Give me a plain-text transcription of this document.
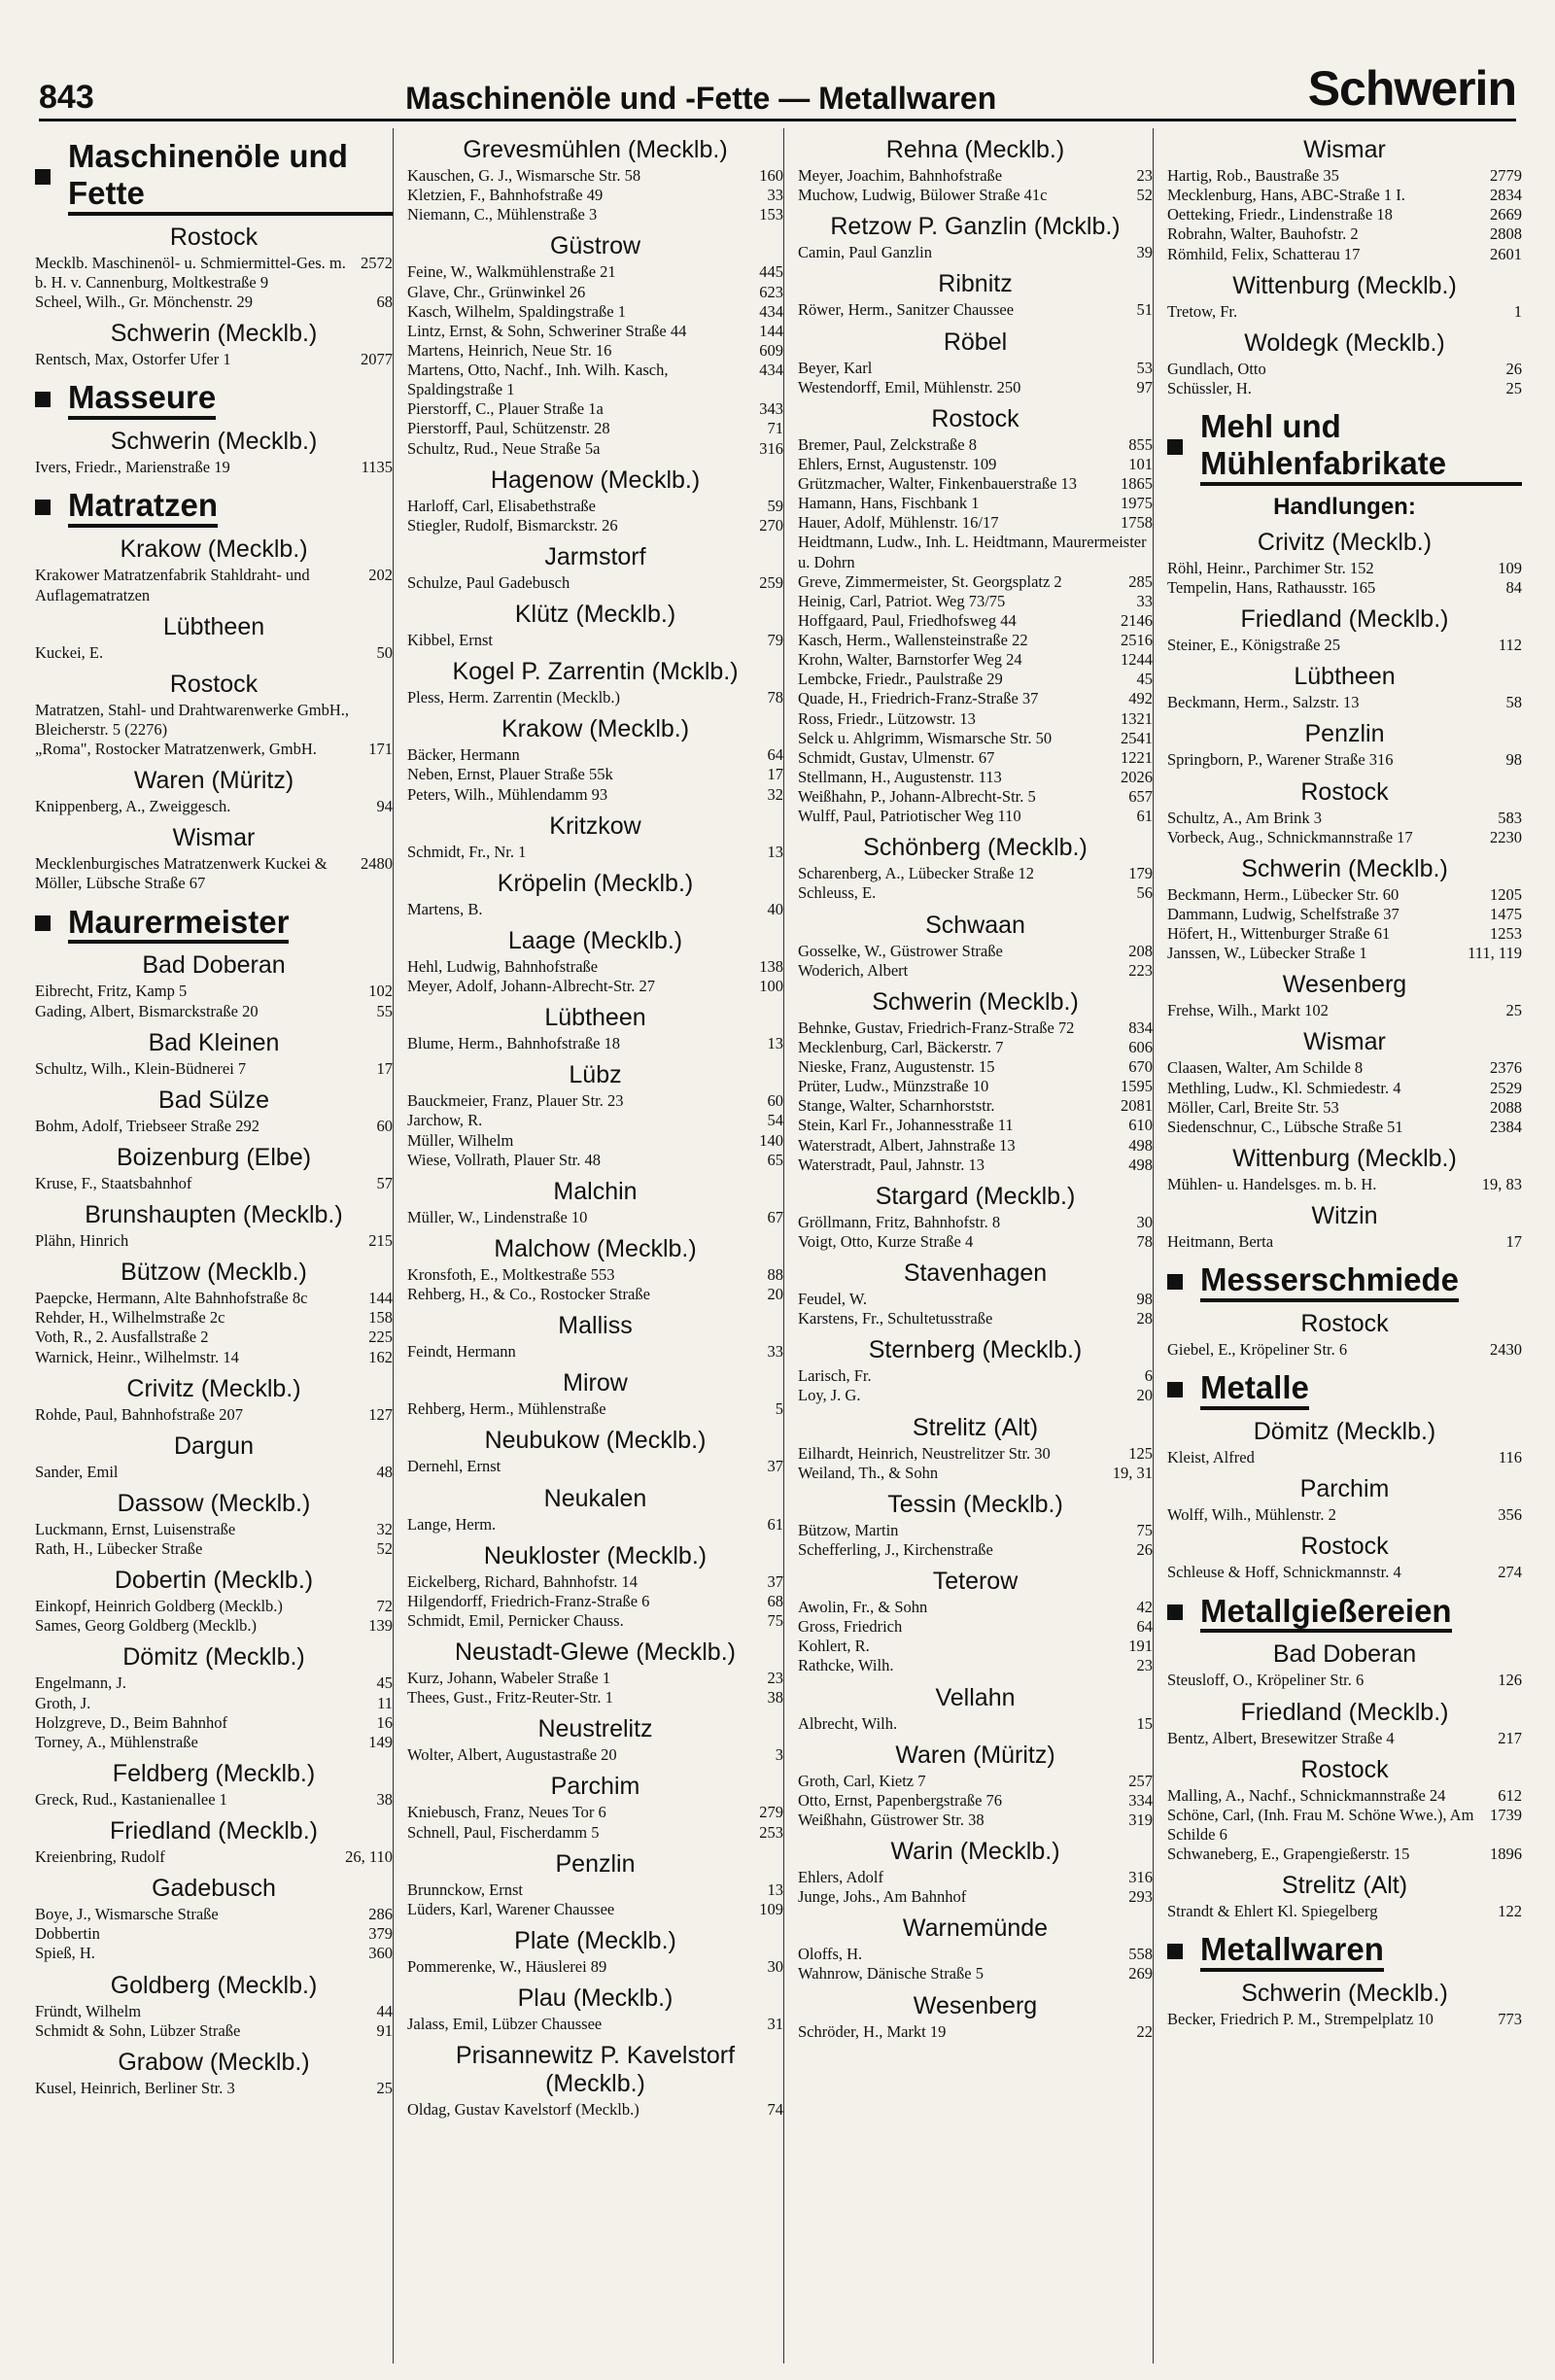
843	Maschinenöle und -Fette — Metallwaren	Schwerin
Maschinenöle und Fette
Rostock
Mecklb. Maschinenöl- u. Schmiermittel-Ges. m. b. H. v. Cannenburg, Moltkestraße 9
2572
Scheel, Wilh., Gr. Mönchenstr. 29	68
Schwerin (Mecklb.)
Rentsch, Max, Ostorfer Ufer 1	2077
Masseure
Schwerin (Mecklb.)
Ivers, Friedr., Marienstraße 19	1135
Matratzen
Krakow (Mecklb.)
Krakower Matratzenfabrik Stahldraht- und Auflagematratzen
202
Lübtheen
Kuckei, E.	50
Rostock
Matratzen, Stahl- und Drahtwarenwerke GmbH., Bleicherstr. 5 (2276)
„Roma", Rostocker Matratzenwerk, GmbH.	171
Waren (Müritz)
Knippenberg, A., Zweiggesch.	94
Wismar
Mecklenburgisches Matratzenwerk Kuckei & Möller, Lübsche Straße 67
2480
Maurermeister
Bad Doberan
Eibrecht, Fritz, Kamp 5	102
Gading, Albert, Bismarckstraße 20	55
Bad Kleinen
Schultz, Wilh., Klein-Büdnerei 7	17
Bad Sülze
Bohm, Adolf, Triebseer Straße 292	60
Boizenburg (Elbe)
Kruse, F., Staatsbahnhof	57
Brunshaupten (Mecklb.)
Plähn, Hinrich	215
Bützow (Mecklb.)
Paepcke, Hermann, Alte Bahnhofstraße 8c	144
Rehder, H., Wilhelmstraße 2c	158
Voth, R., 2. Ausfallstraße 2	225
Warnick, Heinr., Wilhelmstr. 14	162
Crivitz (Mecklb.)
Rohde, Paul, Bahnhofstraße 207	127
Dargun
Sander, Emil	48
Dassow (Mecklb.)
Luckmann, Ernst, Luisenstraße	32
Rath, H., Lübecker Straße	52
Dobertin (Mecklb.)
Einkopf, Heinrich Goldberg (Mecklb.)	72
Sames, Georg Goldberg (Mecklb.)	139
Dömitz (Mecklb.)
Engelmann, J.	45
Groth, J.	11
Holzgreve, D., Beim Bahnhof	16
Torney, A., Mühlenstraße	149
Feldberg (Mecklb.)
Greck, Rud., Kastanienallee 1	38
Friedland (Mecklb.)
Kreienbring, Rudolf	26, 110
Gadebusch
Boye, J., Wismarsche Straße	286
Dobbertin	379
Spieß, H.	360
Goldberg (Mecklb.)
Fründt, Wilhelm	44
Schmidt & Sohn, Lübzer Straße	91
Grabow (Mecklb.)
Kusel, Heinrich, Berliner Str. 3	25
Grevesmühlen (Mecklb.)
Kauschen, G. J., Wismarsche Str. 58	160
Kletzien, F., Bahnhofstraße 49	33
Niemann, C., Mühlenstraße 3	153
Güstrow
Feine, W., Walkmühlenstraße 21	445
Glave, Chr., Grünwinkel 26	623
Kasch, Wilhelm, Spaldingstraße 1	434
Lintz, Ernst, & Sohn, Schweriner Straße 44	144
Martens, Heinrich, Neue Str. 16	609
Martens, Otto, Nachf., Inh. Wilh. Kasch, Spaldingstraße 1
434
Pierstorff, C., Plauer Straße 1a	343
Pierstorff, Paul, Schützenstr. 28	71
Schultz, Rud., Neue Straße 5a	316
Hagenow (Mecklb.)
Harloff, Carl, Elisabethstraße	59
Stiegler, Rudolf, Bismarckstr. 26	270
Jarmstorf
Schulze, Paul Gadebusch	259
Klütz (Mecklb.)
Kibbel, Ernst	79
Kogel P. Zarrentin (Mcklb.)
Pless, Herm. Zarrentin (Mecklb.)	78
Krakow (Mecklb.)
Bäcker, Hermann	64
Neben, Ernst, Plauer Straße 55k	17
Peters, Wilh., Mühlendamm 93	32
Kritzkow
Schmidt, Fr., Nr. 1	13
Kröpelin (Mecklb.)
Martens, B.	40
Laage (Mecklb.)
Hehl, Ludwig, Bahnhofstraße	138
Meyer, Adolf, Johann-Albrecht-Str. 27	100
Lübtheen
Blume, Herm., Bahnhofstraße 18	13
Lübz
Bauckmeier, Franz, Plauer Str. 23	60
Jarchow, R.	54
Müller, Wilhelm	140
Wiese, Vollrath, Plauer Str. 48	65
Malchin
Müller, W., Lindenstraße 10	67
Malchow (Mecklb.)
Kronsfoth, E., Moltkestraße 553	88
Rehberg, H., & Co., Rostocker Straße	20
Malliss
Feindt, Hermann	33
Mirow
Rehberg, Herm., Mühlenstraße	5
Neubukow (Mecklb.)
Dernehl, Ernst	37
Neukalen
Lange, Herm.	61
Neukloster (Mecklb.)
Eickelberg, Richard, Bahnhofstr. 14	37
Hilgendorff, Friedrich-Franz-Straße 6	68
Schmidt, Emil, Pernicker Chauss.	75
Neustadt-Glewe (Mecklb.)
Kurz, Johann, Wabeler Straße 1	23
Thees, Gust., Fritz-Reuter-Str. 1	38
Neustrelitz
Wolter, Albert, Augustastraße 20	3
Parchim
Kniebusch, Franz, Neues Tor 6	279
Schnell, Paul, Fischerdamm 5	253
Penzlin
Brunnckow, Ernst	13
Lüders, Karl, Warener Chaussee	109
Plate (Mecklb.)
Pommerenke, W., Häuslerei 89	30
Plau (Mecklb.)
Jalass, Emil, Lübzer Chaussee	31
Prisannewitz P. Kavelstorf (Mecklb.)
Oldag, Gustav Kavelstorf (Mecklb.)	74
Rehna (Mecklb.)
Meyer, Joachim, Bahnhofstraße	23
Muchow, Ludwig, Bülower Straße 41c	52
Retzow P. Ganzlin (Mcklb.)
Camin, Paul Ganzlin	39
Ribnitz
Röwer, Herm., Sanitzer Chaussee	51
Röbel
Beyer, Karl	53
Westendorff, Emil, Mühlenstr. 250	97
Rostock
Bremer, Paul, Zelckstraße 8	855
Ehlers, Ernst, Augustenstr. 109	101
Grützmacher, Walter, Finkenbauerstraße 13	1865
Hamann, Hans, Fischbank 1	1975
Hauer, Adolf, Mühlenstr. 16/17	1758
Heidtmann, Ludw., Inh. L. Heidtmann, Maurermeister u. Dohrn
Greve, Zimmermeister, St. Georgsplatz 2	285
Heinig, Carl, Patriot. Weg 73/75	33
Hoffgaard, Paul, Friedhofsweg 44	2146
Kasch, Herm., Wallensteinstraße 22	2516
Krohn, Walter, Barnstorfer Weg 24	1244
Lembcke, Friedr., Paulstraße 29	45
Quade, H., Friedrich-Franz-Straße 37	492
Ross, Friedr., Lützowstr. 13	1321
Selck u. Ahlgrimm, Wismarsche Str. 50	2541
Schmidt, Gustav, Ulmenstr. 67	1221
Stellmann, H., Augustenstr. 113	2026
Weißhahn, P., Johann-Albrecht-Str. 5	657
Wulff, Paul, Patriotischer Weg 110	61
Schönberg (Mecklb.)
Scharenberg, A., Lübecker Straße 12	179
Schleuss, E.	56
Schwaan
Gosselke, W., Güstrower Straße	208
Woderich, Albert	223
Schwerin (Mecklb.)
Behnke, Gustav, Friedrich-Franz-Straße 72	834
Mecklenburg, Carl, Bäckerstr. 7	606
Nieske, Franz, Augustenstr. 15	670
Prüter, Ludw., Münzstraße 10	1595
Stange, Walter, Scharnhorststr.	2081
Stein, Karl Fr., Johannesstraße 11	610
Waterstradt, Albert, Jahnstraße 13	498
Waterstradt, Paul, Jahnstr. 13	498
Stargard (Mecklb.)
Gröllmann, Fritz, Bahnhofstr. 8	30
Voigt, Otto, Kurze Straße 4	78
Stavenhagen
Feudel, W.	98
Karstens, Fr., Schultetusstraße	28
Sternberg (Mecklb.)
Larisch, Fr.	6
Loy, J. G.	20
Strelitz (Alt)
Eilhardt, Heinrich, Neustrelitzer Str. 30	125
Weiland, Th., & Sohn	19, 31
Tessin (Mecklb.)
Bützow, Martin	75
Schefferling, J., Kirchenstraße	26
Teterow
Awolin, Fr., & Sohn	42
Gross, Friedrich	64
Kohlert, R.	191
Rathcke, Wilh.	23
Vellahn
Albrecht, Wilh.	15
Waren (Müritz)
Groth, Carl, Kietz 7	257
Otto, Ernst, Papenbergstraße 76	334
Weißhahn, Güstrower Str. 38	319
Warin (Mecklb.)
Ehlers, Adolf	316
Junge, Johs., Am Bahnhof	293
Warnemünde
Oloffs, H.	558
Wahnrow, Dänische Straße 5	269
Wesenberg
Schröder, H., Markt 19	22
Wismar
Hartig, Rob., Baustraße 35	2779
Mecklenburg, Hans, ABC-Straße 1 I.	2834
Oetteking, Friedr., Lindenstraße 18	2669
Robrahn, Walter, Bauhofstr. 2	2808
Römhild, Felix, Schatterau 17	2601
Wittenburg (Mecklb.)
Tretow, Fr.	1
Woldegk (Mecklb.)
Gundlach, Otto	26
Schüssler, H.	25
Mehl und Mühlenfabrikate
Handlungen:
Crivitz (Mecklb.)
Röhl, Heinr., Parchimer Str. 152	109
Tempelin, Hans, Rathausstr. 165	84
Friedland (Mecklb.)
Steiner, E., Königstraße 25	112
Lübtheen
Beckmann, Herm., Salzstr. 13	58
Penzlin
Springborn, P., Warener Straße 316	98
Rostock
Schultz, A., Am Brink 3	583
Vorbeck, Aug., Schnickmannstraße 17	2230
Schwerin (Mecklb.)
Beckmann, Herm., Lübecker Str. 60	1205
Dammann, Ludwig, Schelfstraße 37	1475
Höfert, H., Wittenburger Straße 61	1253
Janssen, W., Lübecker Straße 1	111, 119
Wesenberg
Frehse, Wilh., Markt 102	25
Wismar
Claasen, Walter, Am Schilde 8	2376
Methling, Ludw., Kl. Schmiedestr. 4	2529
Möller, Carl, Breite Str. 53	2088
Siedenschnur, C., Lübsche Straße 51	2384
Wittenburg (Mecklb.)
Mühlen- u. Handelsges. m. b. H.	19, 83
Witzin
Heitmann, Berta	17
Messerschmiede
Rostock
Giebel, E., Kröpeliner Str. 6	2430
Metalle
Dömitz (Mecklb.)
Kleist, Alfred	116
Parchim
Wolff, Wilh., Mühlenstr. 2	356
Rostock
Schleuse & Hoff, Schnickmannstr. 4	274
Metallgießereien
Bad Doberan
Steusloff, O., Kröpeliner Str. 6	126
Friedland (Mecklb.)
Bentz, Albert, Bresewitzer Straße 4	217
Rostock
Malling, A., Nachf., Schnickmannstraße 24	612
Schöne, Carl, (Inh. Frau M. Schöne Wwe.), Am Schilde 6
1739
Schwaneberg, E., Grapengießerstr. 15	1896
Strelitz (Alt)
Strandt & Ehlert Kl. Spiegelberg	122
Metallwaren
Schwerin (Mecklb.)
Becker, Friedrich P. M., Strempelplatz 10	773
